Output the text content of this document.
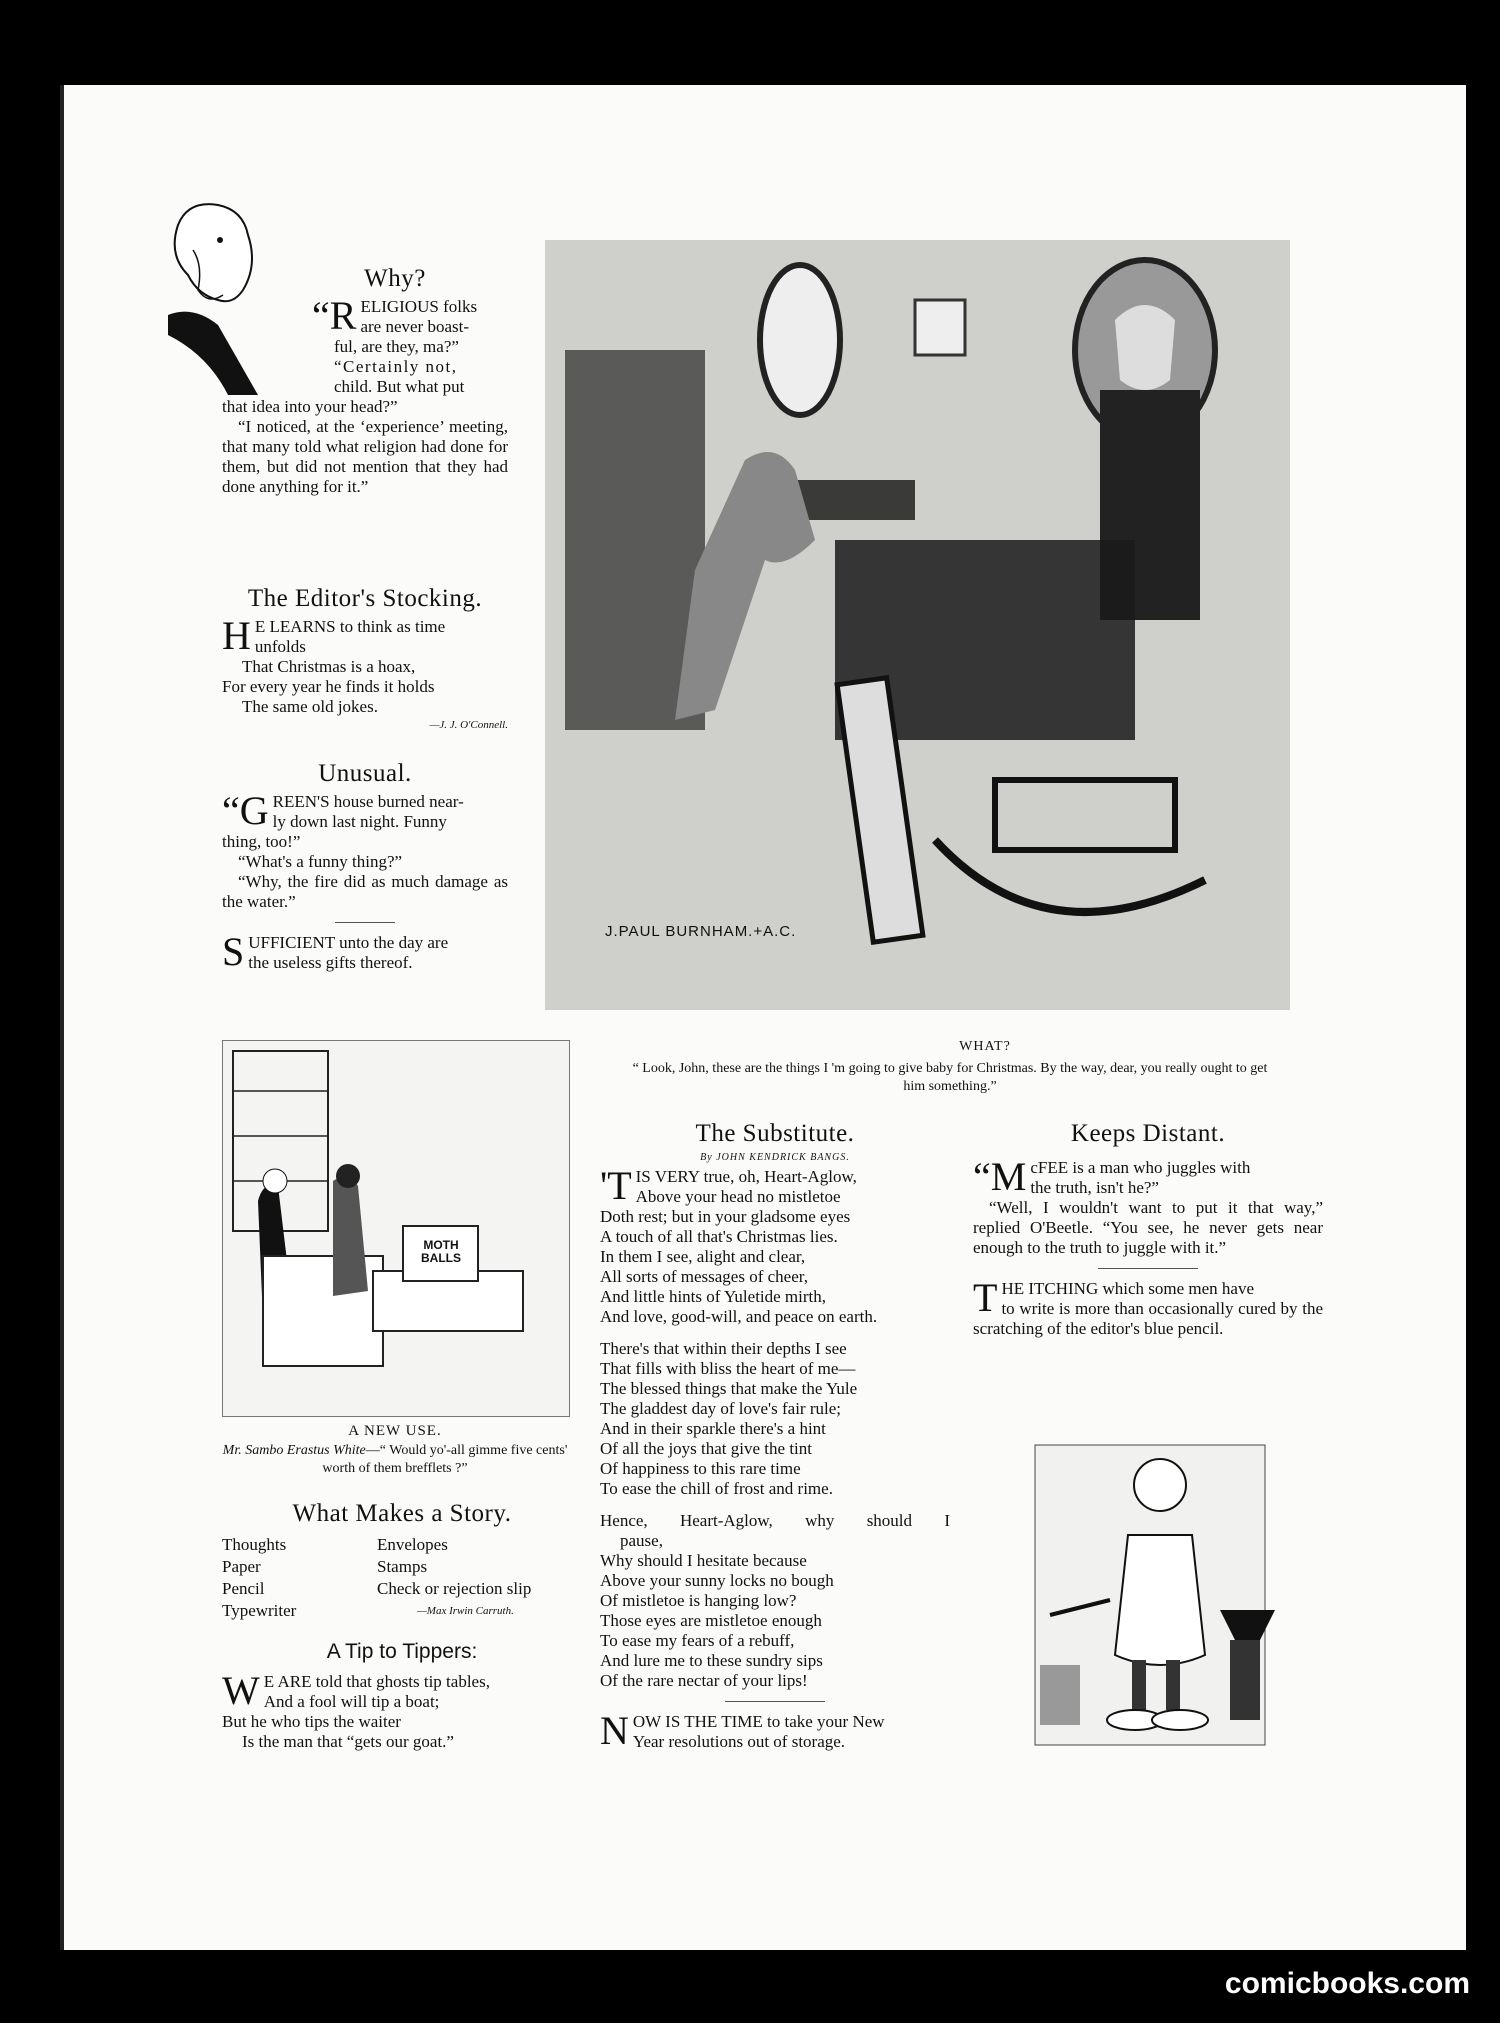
Why?
“R ELIGIOUS folks

are never boast-

ful, are they, ma?”

“Certainly not,

child. But what put

that idea into your head?”

“I noticed, at the ‘experience’ meeting, that many told what religion had done for them, but did not mention that they had done anything for it.”

The Editor's Stocking.
H E LEARNS to think as time

unfolds

That Christmas is a hoax,

For every year he finds it holds

The same old jokes.

—J. J. O'Connell.

Unusual.
“G REEN'S house burned near-

ly down last night. Funny

thing, too!”

“What's a funny thing?”

“Why, the fire did as much damage as the water.”

S UFFICIENT unto the day are

the useless gifts thereof.

J.PAUL BURNHAM.+A.C.

WHAT?

“ Look, John, these are the things I 'm going to give baby for Christmas. By the way, dear, you really ought to get him something.”

MOTH BALLS

A NEW USE.

Mr. Sambo Erastus White—“ Would yo'-all gimme five cents' worth of them brefflets ?”

What Makes a Story.
Thoughts	Envelopes
Paper	Stamps
Pencil	Check or rejection slip
Typewriter	—Max Irwin Carruth.
A Tip to Tippers:
W E ARE told that ghosts tip tables,

And a fool will tip a boat;

But he who tips the waiter

Is the man that “gets our goat.”

The Substitute.

By JOHN KENDRICK BANGS.

'T IS VERY true, oh, Heart-Aglow,

Above your head no mistletoe

Doth rest; but in your gladsome eyes

A touch of all that's Christmas lies.

In them I see, alight and clear,

All sorts of messages of cheer,

And little hints of Yuletide mirth,

And love, good-will, and peace on earth.

There's that within their depths I see

That fills with bliss the heart of me—

The blessed things that make the Yule

The gladdest day of love's fair rule;

And in their sparkle there's a hint

Of all the joys that give the tint

Of happiness to this rare time

To ease the chill of frost and rime.

Hence, Heart-Aglow, why should I

pause,

Why should I hesitate because

Above your sunny locks no bough

Of mistletoe is hanging low?

Those eyes are mistletoe enough

To ease my fears of a rebuff,

And lure me to these sundry sips

Of the rare nectar of your lips!

N OW IS THE TIME to take your New

Year resolutions out of storage.

Keeps Distant.
“M cFEE is a man who juggles with

the truth, isn't he?”

“Well, I wouldn't want to put it that way,” replied O'Beetle. “You see, he never gets near enough to the truth to juggle with it.”

T HE ITCHING which some men have

to write is more than occasionally cured by the scratching of the editor's blue pencil.

comicbooks.com
